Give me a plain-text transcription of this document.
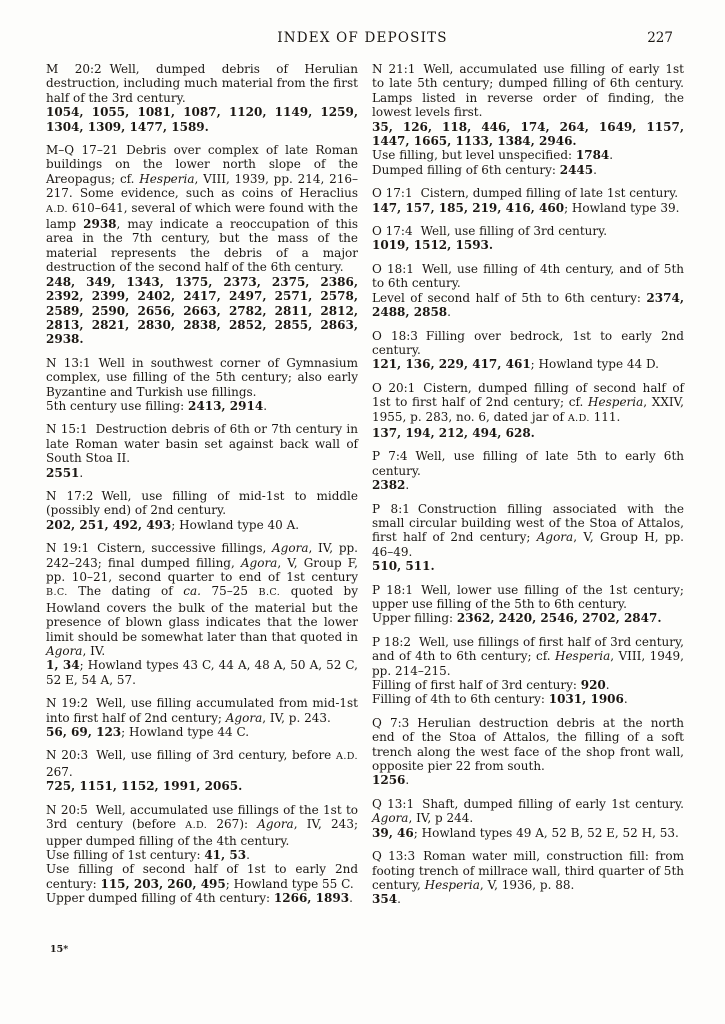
INDEX OF DEPOSITS	227

M 20:2 Well, dumped debris of Herulian destruction, including much material from the first half of the 3rd century.

1054, 1055, 1081, 1087, 1120, 1149, 1259, 1304, 1309, 1477, 1589.

M–Q 17–21 Debris over complex of late Roman buildings on the lower north slope of the Areopagus; cf. Hesperia, VIII, 1939, pp. 214, 216–217. Some evidence, such as coins of Heraclius A.D. 610–641, several of which were found with the lamp 2938, may indicate a reoccupation of this area in the 7th century, but the mass of the material represents the debris of a major destruction of the second half of the 6th century.

248, 349, 1343, 1375, 2373, 2375, 2386, 2392, 2399, 2402, 2417, 2497, 2571, 2578, 2589, 2590, 2656, 2663, 2782, 2811, 2812, 2813, 2821, 2830, 2838, 2852, 2855, 2863, 2938.

N 13:1 Well in southwest corner of Gymnasium complex, use filling of the 5th century; also early Byzantine and Turkish use fillings.

5th century use filling: 2413, 2914.

N 15:1 Destruction debris of 6th or 7th century in late Roman water basin set against back wall of South Stoa II.

2551.

N 17:2 Well, use filling of mid-1st to middle (possibly end) of 2nd century.

202, 251, 492, 493; Howland type 40 A.

N 19:1 Cistern, successive fillings, Agora, IV, pp. 242–243; final dumped filling, Agora, V, Group F, pp. 10–21, second quarter to end of 1st century B.C. The dating of ca. 75–25 B.C. quoted by Howland covers the bulk of the material but the presence of blown glass indicates that the lower limit should be somewhat later than that quoted in Agora, IV.

1, 34; Howland types 43 C, 44 A, 48 A, 50 A, 52 C, 52 E, 54 A, 57.

N 19:2 Well, use filling accumulated from mid-1st into first half of 2nd century; Agora, IV, p. 243.

56, 69, 123; Howland type 44 C.

N 20:3 Well, use filling of 3rd century, before A.D. 267.

725, 1151, 1152, 1991, 2065.

N 20:5 Well, accumulated use fillings of the 1st to 3rd century (before A.D. 267): Agora, IV, 243; upper dumped filling of the 4th century.

Use filling of 1st century: 41, 53.

Use filling of second half of 1st to early 2nd century: 115, 203, 260, 495; Howland type 55 C.

Upper dumped filling of 4th century: 1266, 1893.

N 21:1 Well, accumulated use filling of early 1st to late 5th century; dumped filling of 6th century. Lamps listed in reverse order of finding, the lowest levels first.

35, 126, 118, 446, 174, 264, 1649, 1157, 1447, 1665, 1133, 1384, 2946.

Use filling, but level unspecified: 1784.

Dumped filling of 6th century: 2445.

O 17:1 Cistern, dumped filling of late 1st century.

147, 157, 185, 219, 416, 460; Howland type 39.

O 17:4 Well, use filling of 3rd century.

1019, 1512, 1593.

O 18:1 Well, use filling of 4th century, and of 5th to 6th century.

Level of second half of 5th to 6th century: 2374, 2488, 2858.

O 18:3 Filling over bedrock, 1st to early 2nd century.

121, 136, 229, 417, 461; Howland type 44 D.

O 20:1 Cistern, dumped filling of second half of 1st to first half of 2nd century; cf. Hesperia, XXIV, 1955, p. 283, no. 6, dated jar of A.D. 111.

137, 194, 212, 494, 628.

P 7:4 Well, use filling of late 5th to early 6th century.

2382.

P 8:1 Construction filling associated with the small circular building west of the Stoa of Attalos, first half of 2nd century; Agora, V, Group H, pp. 46–49.

510, 511.

P 18:1 Well, lower use filling of the 1st century; upper use filling of the 5th to 6th century.

Upper filling: 2362, 2420, 2546, 2702, 2847.

P 18:2 Well, use fillings of first half of 3rd century, and of 4th to 6th century; cf. Hesperia, VIII, 1949, pp. 214–215.

Filling of first half of 3rd century: 920.

Filling of 4th to 6th century: 1031, 1906.

Q 7:3 Herulian destruction debris at the north end of the Stoa of Attalos, the filling of a soft trench along the west face of the shop front wall, opposite pier 22 from south.

1256.

Q 13:1 Shaft, dumped filling of early 1st century. Agora, IV, p 244.

39, 46; Howland types 49 A, 52 B, 52 E, 52 H, 53.

Q 13:3 Roman water mill, construction fill: from footing trench of millrace wall, third quarter of 5th century, Hesperia, V, 1936, p. 88.

354.

15*
